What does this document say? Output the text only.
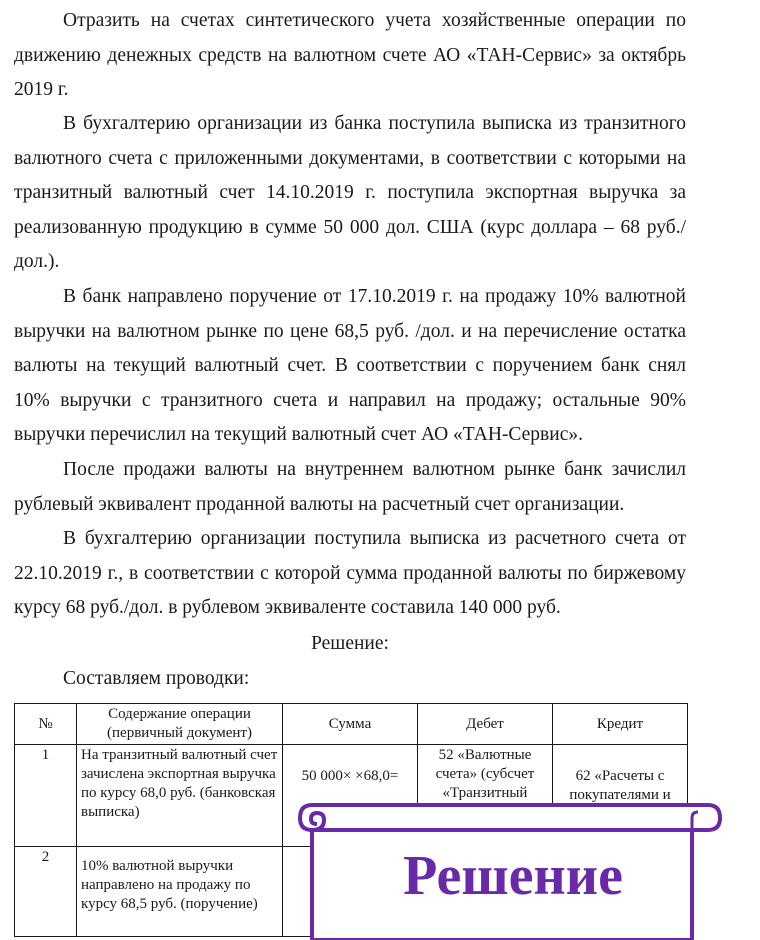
Отразить на счетах синтетического учета хозяйственные операции по движению денежных средств на валютном счете АО «ТАН-Сервис» за октябрь 2019 г.

В бухгалтерию организации из банка поступила выписка из транзитного валютного счета с приложенными документами, в соответствии с которыми на транзитный валютный счет 14.10.2019 г. поступила экспортная выручка за реализованную продукцию в сумме 50 000 дол. США (курс доллара – 68 руб./дол.).

В банк направлено поручение от 17.10.2019 г. на продажу 10% валютной выручки на валютном рынке по цене 68,5 руб. /дол. и на перечисление остатка валюты на текущий валютный счет. В соответствии с поручением банк снял 10% выручки с транзитного счета и направил на продажу; остальные 90% выручки перечислил на текущий валютный счет АО «ТАН-Сервис».

После продажи валюты на внутреннем валютном рынке банк зачислил рублевый эквивалент проданной валюты на расчетный счет организации.

В бухгалтерию организации поступила выписка из расчетного счета от 22.10.2019 г., в соответствии с которой сумма проданной валюты по биржевому курсу 68 руб./дол. в рублевом эквиваленте составила 140 000 руб.

Решение:

Составляем проводки:

№	Содержание операции (первичный документ)	Сумма	Дебет	Кредит
1	На транзитный валютный счет зачислена экспортная выручка по курсу 68,0 руб. (банковская выписка)	50 000× ×68,0=	52 «Валютные счета» (субсчет «Транзитный	62 «Расчеты с покупателями и
2	10% валютной выручки направлено на продажу по курсу 68,5 руб. (поручение)				Решение
